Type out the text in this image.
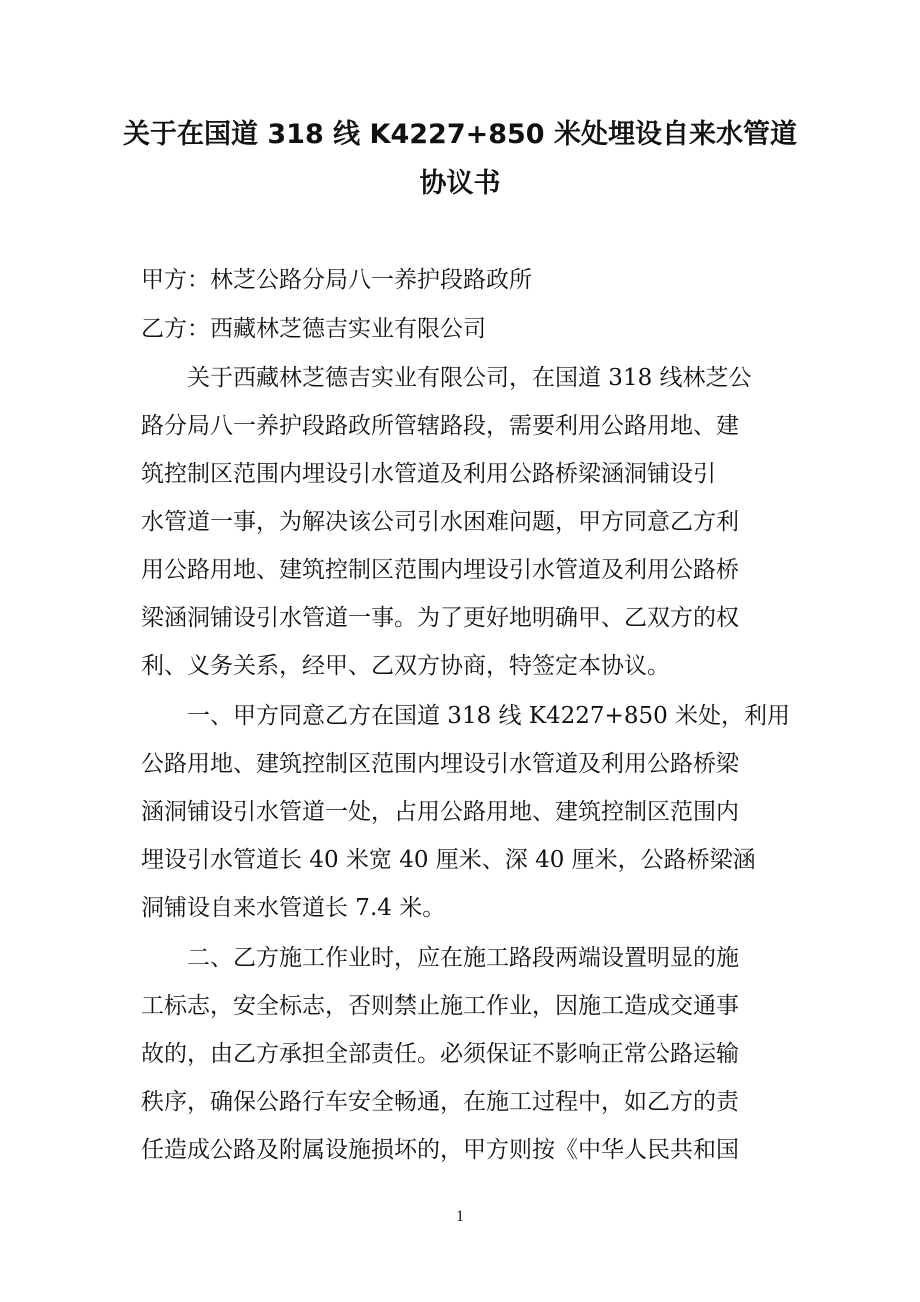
关于在国道 318 线 K4227+850 米处埋设自来水管道
协议书

甲方：林芝公路分局八一养护段路政所

乙方：西藏林芝德吉实业有限公司

　　关于西藏林芝德吉实业有限公司，在国道 318 线林芝公

路分局八一养护段路政所管辖路段，需要利用公路用地、建

筑控制区范围内埋设引水管道及利用公路桥梁涵洞铺设引

水管道一事，为解决该公司引水困难问题，甲方同意乙方利

用公路用地、建筑控制区范围内埋设引水管道及利用公路桥

梁涵洞铺设引水管道一事。为了更好地明确甲、乙双方的权

利、义务关系，经甲、乙双方协商，特签定本协议。

　　一、甲方同意乙方在国道 318 线 K4227+850 米处，利用

公路用地、建筑控制区范围内埋设引水管道及利用公路桥梁

涵洞铺设引水管道一处，占用公路用地、建筑控制区范围内

埋设引水管道长 40 米宽 40 厘米、深 40 厘米，公路桥梁涵

洞铺设自来水管道长 7.4 米。

　　二、乙方施工作业时，应在施工路段两端设置明显的施

工标志，安全标志，否则禁止施工作业，因施工造成交通事

故的，由乙方承担全部责任。必须保证不影响正常公路运输

秩序，确保公路行车安全畅通，在施工过程中，如乙方的责

任造成公路及附属设施损坏的，甲方则按《中华人民共和国

1
